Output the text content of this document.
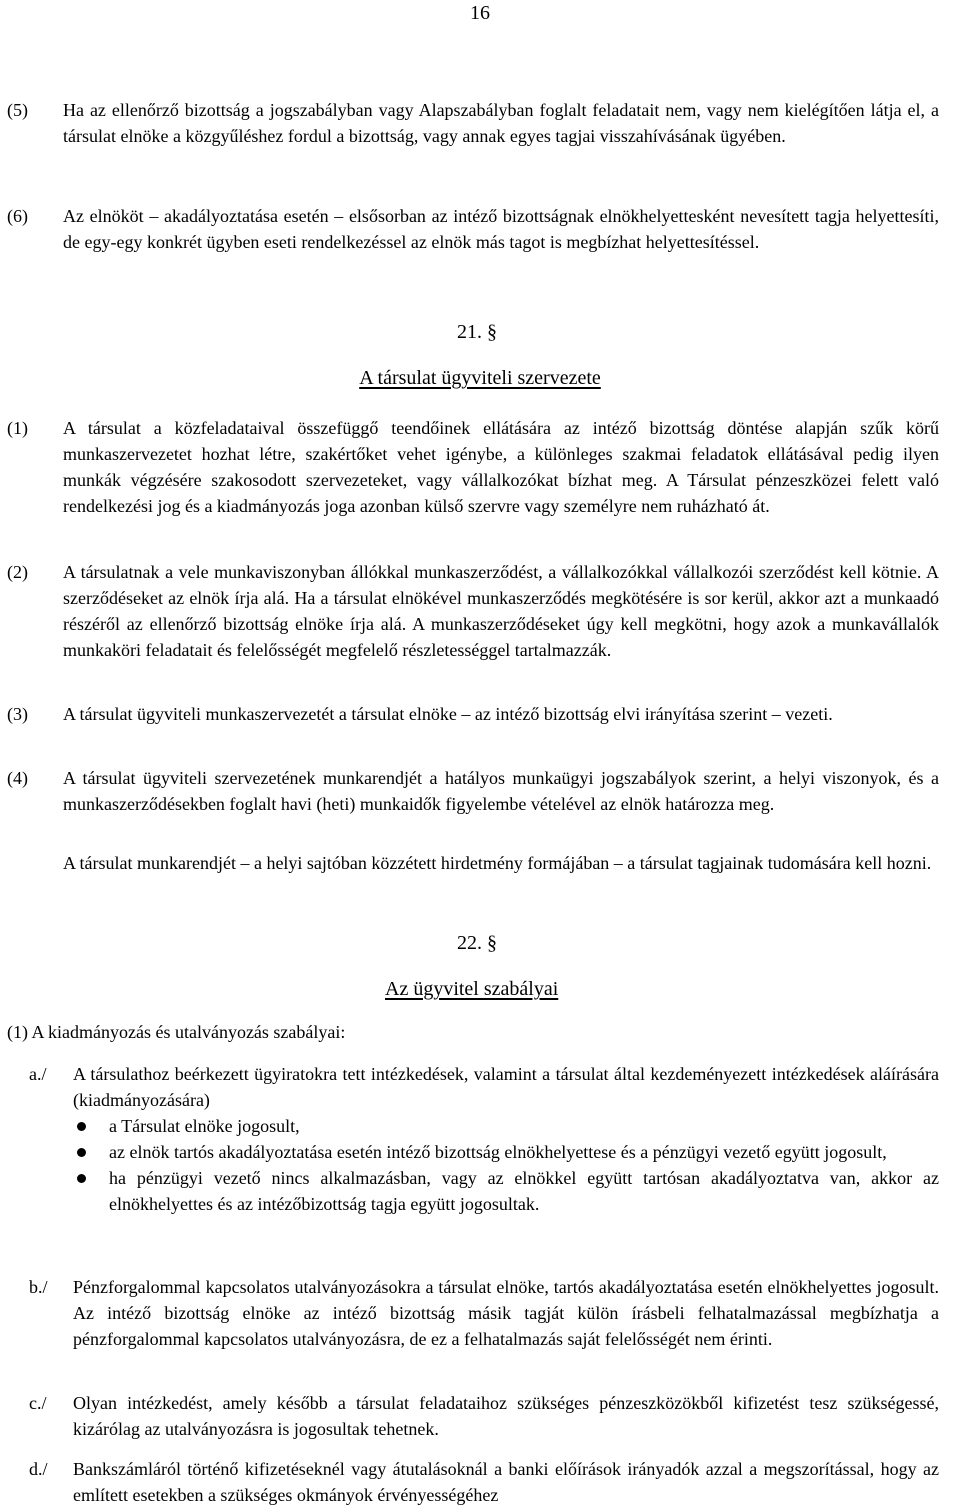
16
(5) Ha az ellenőrző bizottság a jogszabályban vagy Alapszabályban foglalt feladatait nem, vagy nem kielégítően látja el, a társulat elnöke a közgyűléshez fordul a bizottság, vagy annak egyes tagjai visszahívásának ügyében.
(6) Az elnököt – akadályoztatása esetén – elsősorban az intéző bizottságnak elnökhelyettesként nevesített tagja helyettesíti, de egy-egy konkrét ügyben eseti rendelkezéssel az elnök más tagot is megbízhat helyettesítéssel.
21. §
A társulat ügyviteli szervezete
(1) A társulat a közfeladataival összefüggő teendőinek ellátására az intéző bizottság döntése alapján szűk körű munkaszervezetet hozhat létre, szakértőket vehet igénybe, a különleges szakmai feladatok ellátásával pedig ilyen munkák végzésére szakosodott szervezeteket, vagy vállalkozókat bízhat meg. A Társulat pénzeszközei felett való rendelkezési jog és a kiadmányozás joga azonban külső szervre vagy személyre nem ruházható át.
(2) A társulatnak a vele munkaviszonyban állókkal munkaszerződést, a vállalkozókkal vállalkozói szerződést kell kötnie. A szerződéseket az elnök írja alá. Ha a társulat elnökével munkaszerződés megkötésére is sor kerül, akkor azt a munkaadó részéről az ellenőrző bizottság elnöke írja alá. A munkaszerződéseket úgy kell megkötni, hogy azok a munkavállalók munkaköri feladatait és felelősségét megfelelő részletességgel tartalmazzák.
(3) A társulat ügyviteli munkaszervezetét a társulat elnöke – az intéző bizottság elvi irányítása szerint – vezeti.
(4) A társulat ügyviteli szervezetének munkarendjét a hatályos munkaügyi jogszabályok szerint, a helyi viszonyok, és a munkaszerződésekben foglalt havi (heti) munkaidők figyelembe vételével az elnök határozza meg.
A társulat munkarendjét – a helyi sajtóban közzétett hirdetmény formájában – a társulat tagjainak tudomására kell hozni.
22. §
Az ügyvitel szabályai
(1) A kiadmányozás és utalványozás szabályai:
a./ A társulathoz beérkezett ügyiratokra tett intézkedések, valamint a társulat által kezdeményezett intézkedések aláírására (kiadmányozására)
a Társulat elnöke jogosult,
az elnök tartós akadályoztatása esetén intéző bizottság elnökhelyettese és a pénzügyi vezető együtt jogosult,
ha pénzügyi vezető nincs alkalmazásban, vagy az elnökkel együtt tartósan akadályoztatva van, akkor az elnökhelyettes és az intézőbizottság tagja együtt jogosultak.
b./ Pénzforgalommal kapcsolatos utalványozásokra a társulat elnöke, tartós akadályoztatása esetén elnökhelyettes jogosult. Az intéző bizottság elnöke az intéző bizottság másik tagját külön írásbeli felhatalmazással megbízhatja a pénzforgalommal kapcsolatos utalványozásra, de ez a felhatalmazás saját felelősségét nem érinti.
c./ Olyan intézkedést, amely később a társulat feladataihoz szükséges pénzeszközökből kifizetést tesz szükségessé, kizárólag az utalványozásra is jogosultak tehetnek.
d./ Bankszámláról történő kifizetéseknél vagy átutalásoknál a banki előírások irányadók azzal a megszorítással, hogy az említett esetekben a szükséges okmányok érvényességéhez
